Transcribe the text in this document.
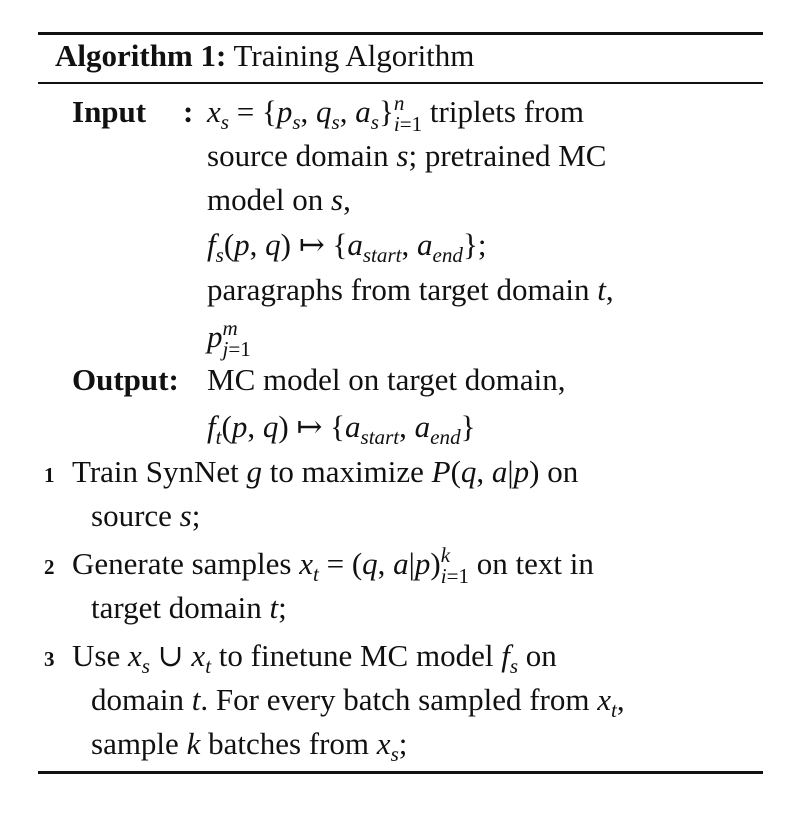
Algorithm 1: Training Algorithm
Input : $x_s = \{p_s$, $q_s$, $a_s$} n
i=1 triplets from
source domain s; pretrained MC
model on s,
$f_s(p$, q) ↦ {$a_{start}$, $a_{end}$};
paragraphs from target domain t,
p m
j=1
Output: MC model on target domain,
$f_t(p$, q) ↦ {$a_{start}$, $a_{end}$}
1 Train SynNet g to maximize P(q, a|p) on
source s;
2 Generate samples $x_t = (q$, a|p) k
i=1 on text in
target domain t;
3 Use $x_s$ ∪ $x_t$ to finetune MC model $f_s$ on
domain t. For every batch sampled from $x_t$,
sample k batches from $x_s$;
